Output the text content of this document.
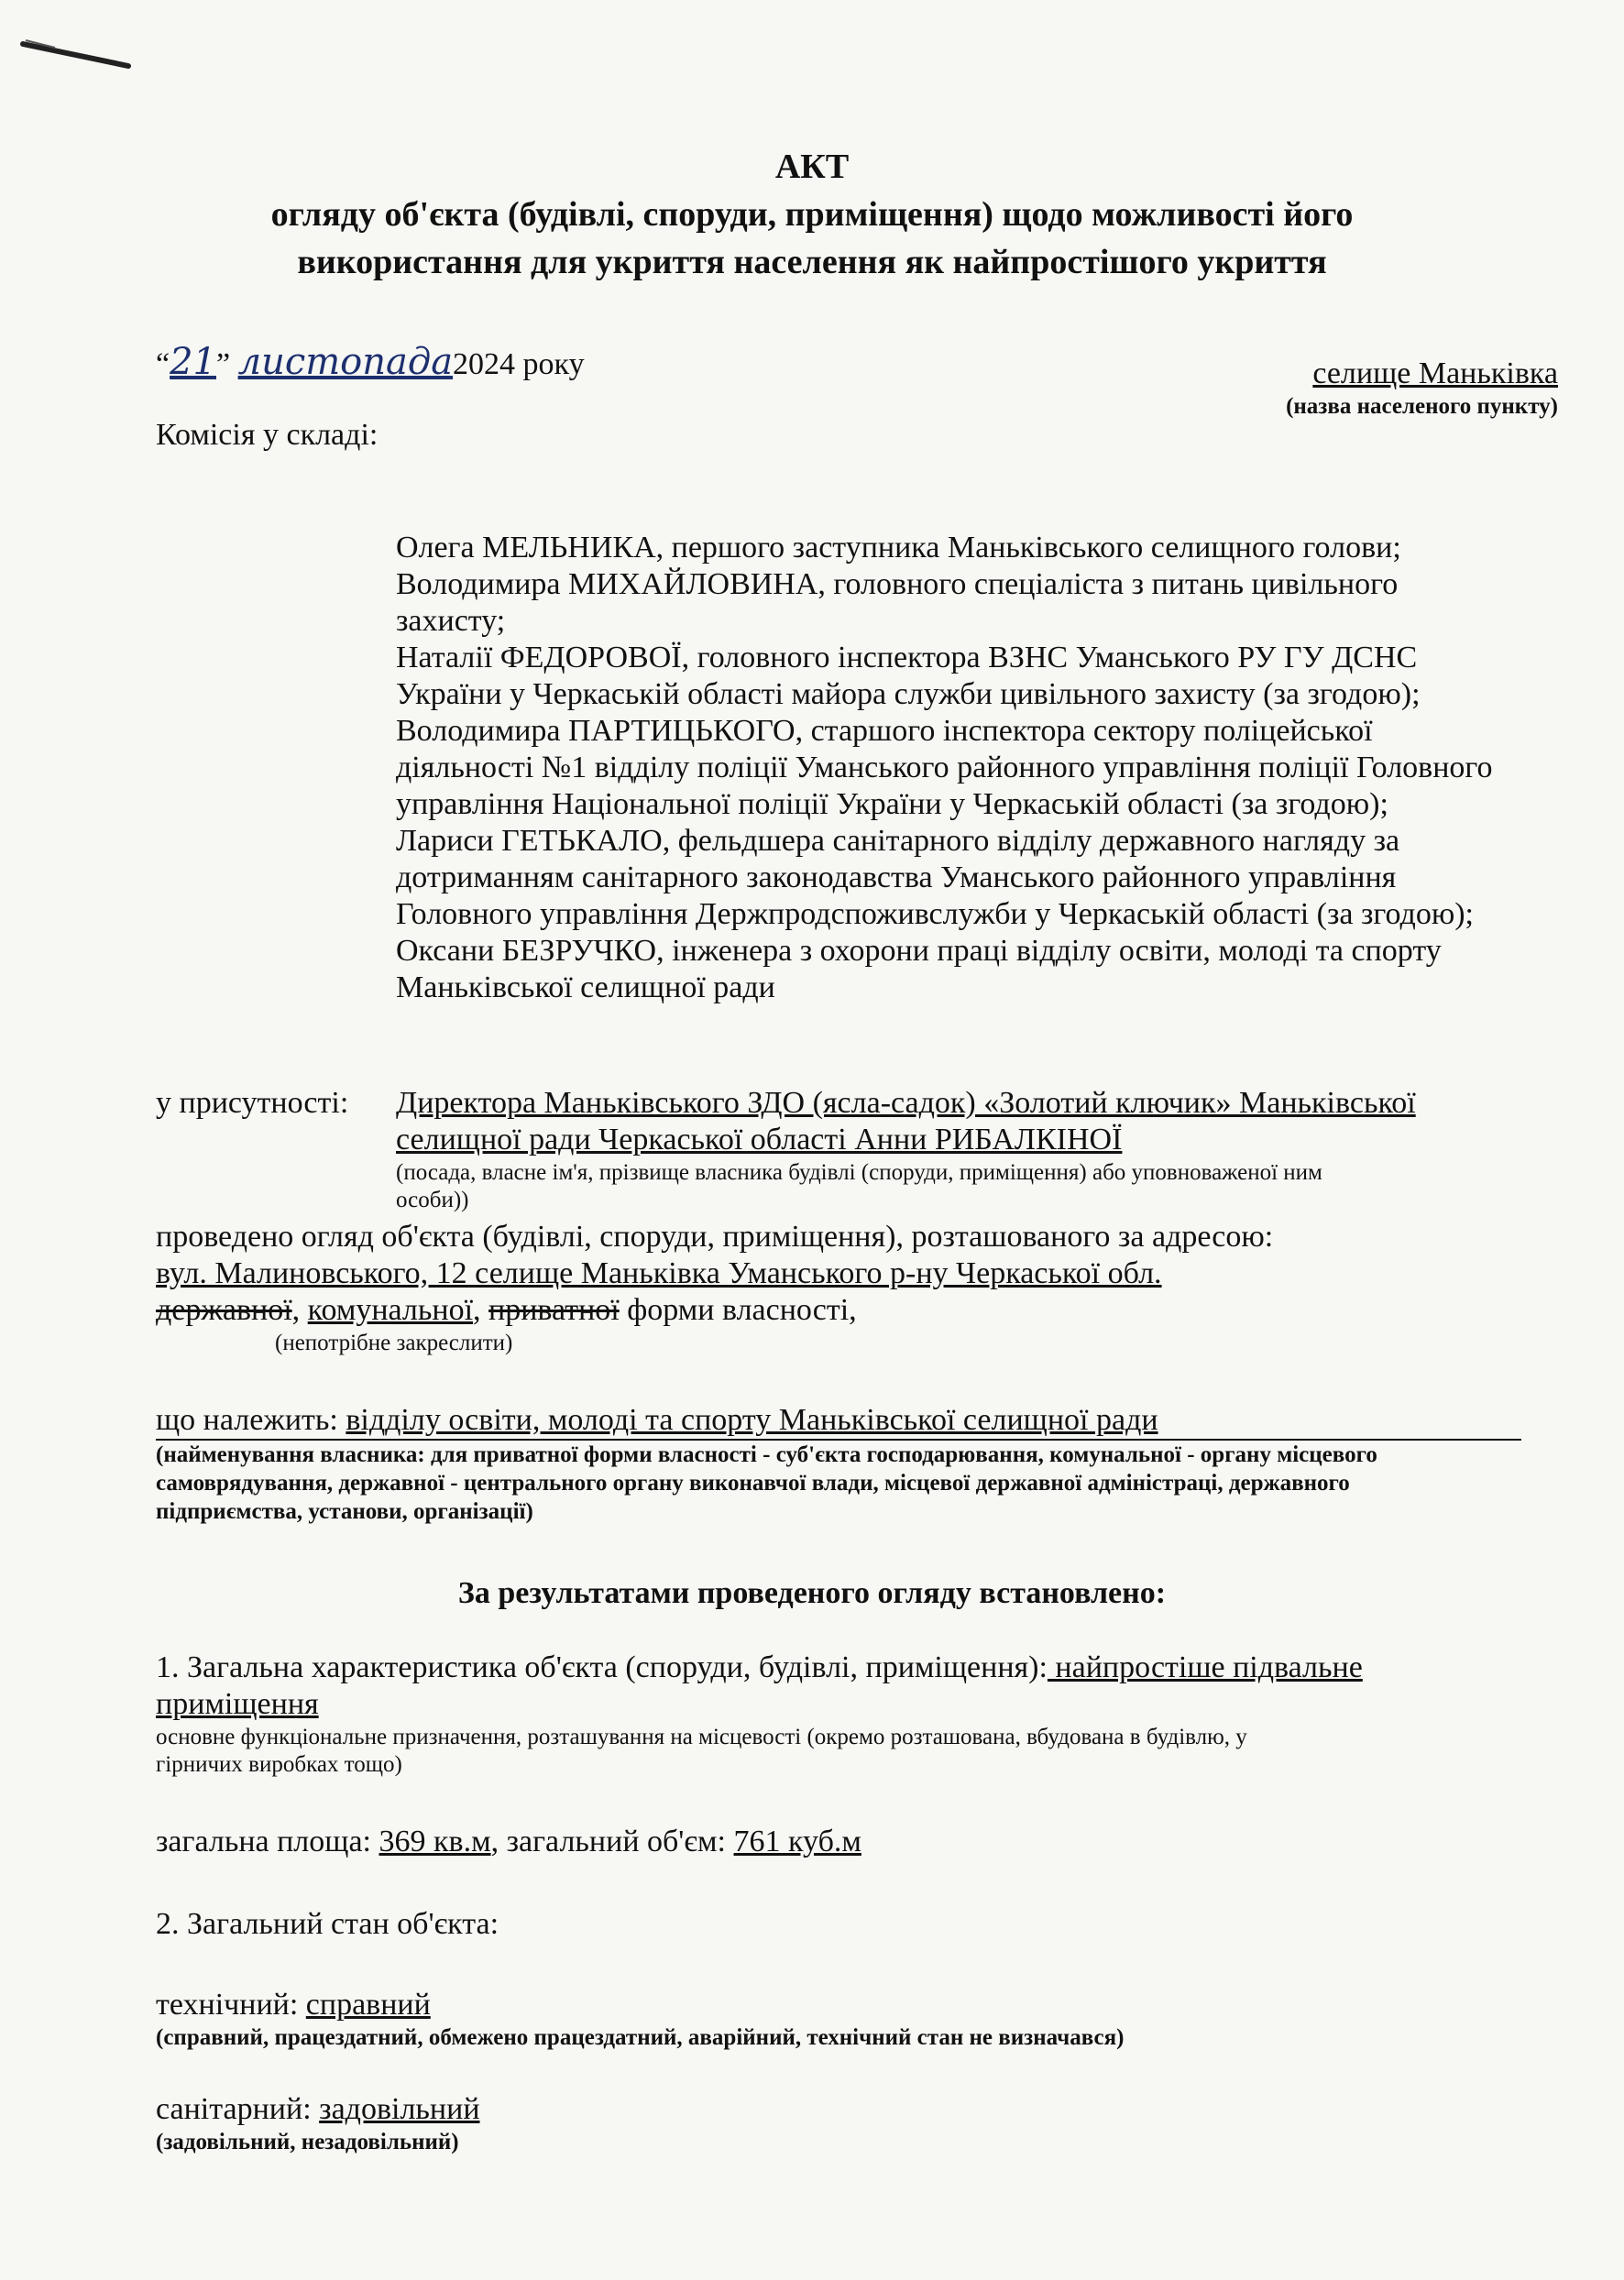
АКТ
огляду об'єкта (будівлі, споруди, приміщення) щодо можливості його
використання для укриття населення як найпростішого укриття
“21” листопада2024 року	селище Маньківка
(назва населеного пункту)
Комісія у складі:
Олега МЕЛЬНИКА, першого заступника Маньківського селищного голови;
Володимира МИХАЙЛОВИНА, головного спеціаліста з питань цивільного
захисту;
Наталії ФЕДОРОВОЇ, головного інспектора ВЗНС Уманського РУ ГУ ДСНС
України у Черкаській області майора служби цивільного захисту (за згодою);
Володимира ПАРТИЦЬКОГО, старшого інспектора сектору поліцейської
діяльності №1 відділу поліції Уманського районного управління поліції Головного
управління Національної поліції України у Черкаській області (за згодою);
Лариси ГЕТЬКАЛО, фельдшера санітарного відділу державного нагляду за
дотриманням санітарного законодавства Уманського районного управління
Головного управління Держпродспоживслужби у Черкаській області (за згодою);
Оксани БЕЗРУЧКО, інженера з охорони праці відділу освіти, молоді та спорту
Маньківської селищної ради
у присутності: Директора Маньківського ЗДО (ясла-садок) «Золотий ключик» Маньківської
селищної ради Черкаської області Анни РИБАЛКІНОЇ
(посада, власне ім'я, прізвище власника будівлі (споруди, приміщення) або уповноваженої ним
особи))
проведено огляд об'єкта (будівлі, споруди, приміщення), розташованого за адресою:
вул. Малиновського, 12 селище Маньківка Уманського р-ну Черкаської обл.
державної, комунальної, приватної форми власності,
(непотрібне закреслити)
що належить: відділу освіти, молоді та спорту Маньківської селищної ради
(найменування власника: для приватної форми власності - суб'єкта господарювання, комунальної - органу місцевого
самоврядування, державної - центрального органу виконавчої влади, місцевої державної адміністраці, державного
підприємства, установи, організації)
За результатами проведеного огляду встановлено:
1. Загальна характеристика об'єкта (споруди, будівлі, приміщення): найпростіше підвальне
приміщення
основне функціональне призначення, розташування на місцевості (окремо розташована, вбудована в будівлю, у
гірничих виробках тощо)
загальна площа: 369 кв.м, загальний об'єм: 761 куб.м
2. Загальний стан об'єкта:
технічний: справний
(справний, працездатний, обмежено працездатний, аварійний, технічний стан не визначався)
санітарний: задовільний
(задовільний, незадовільний)
